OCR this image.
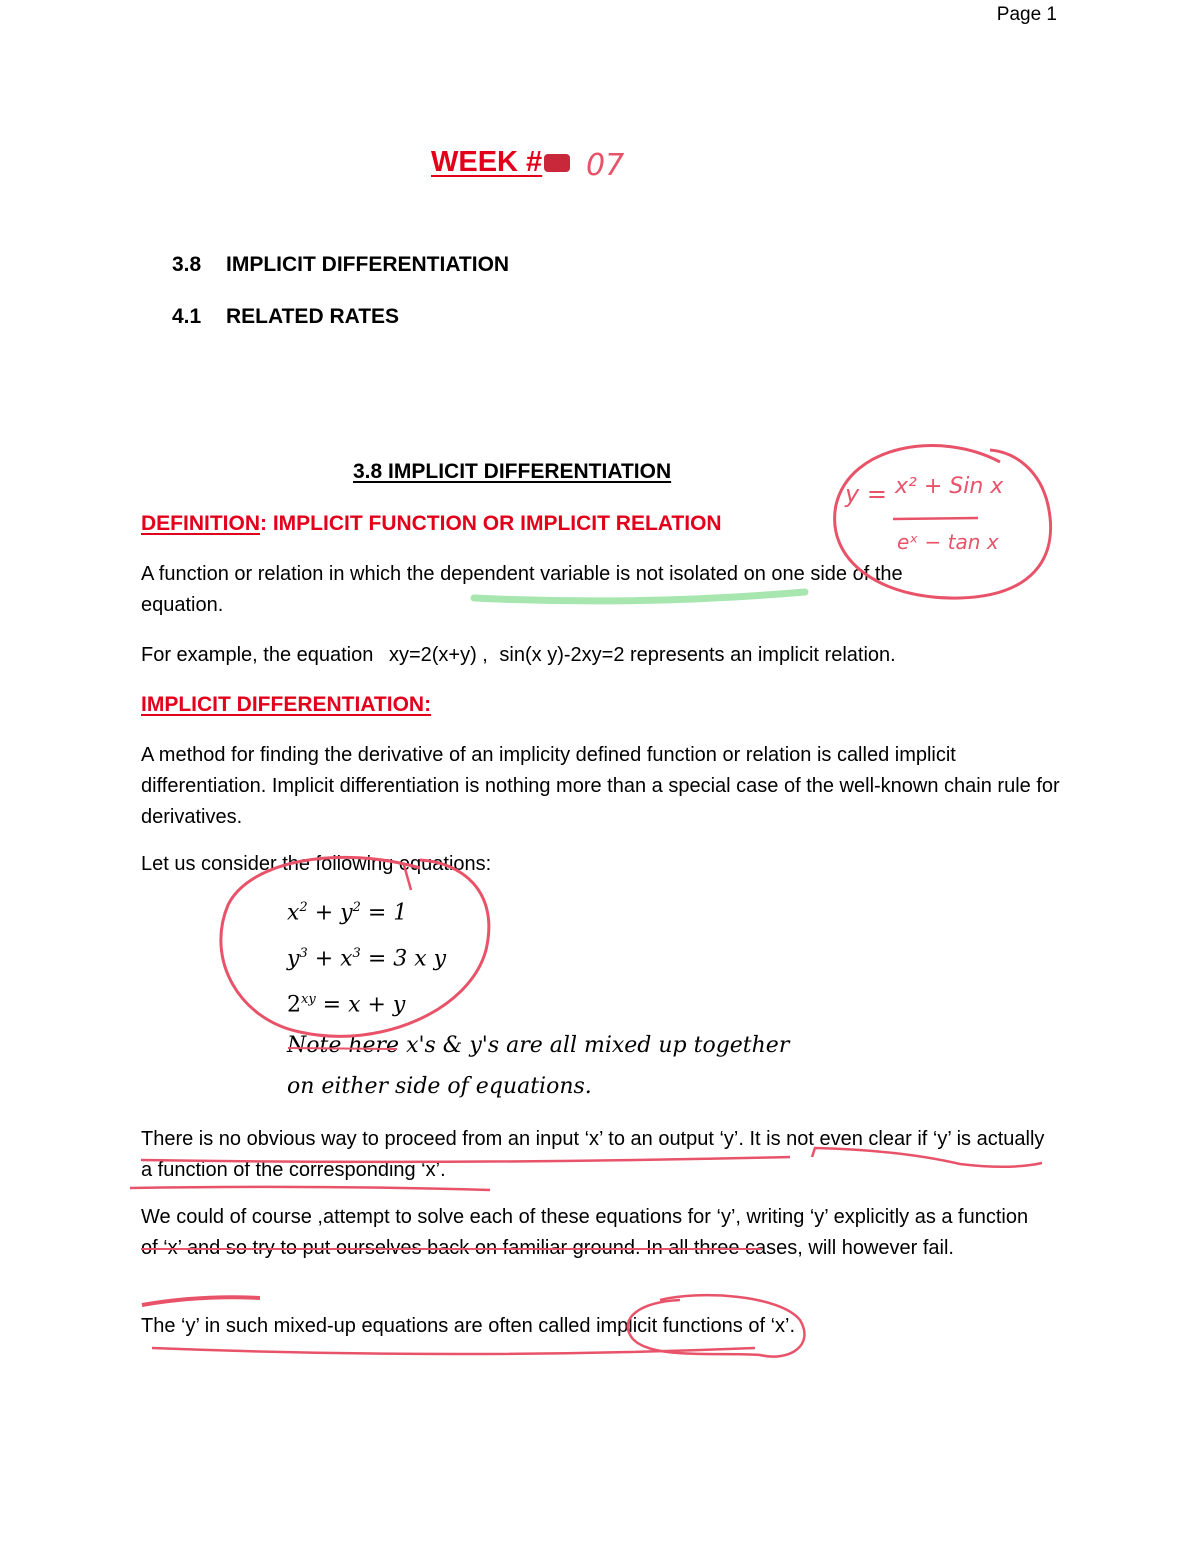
Page 1
WEEK #	07
3.8 IMPLICIT DIFFERENTIATION
4.1 RELATED RATES
3.8 IMPLICIT DIFFERENTIATION
DEFINITION: IMPLICIT FUNCTION OR IMPLICIT RELATION
A function or relation in which the dependent variable is not isolated on one side of the equation.
For example, the equation xy=2(x+y) , sin(x y)-2xy=2 represents an implicit relation.
IMPLICIT DIFFERENTIATION:
A method for finding the derivative of an implicity defined function or relation is called implicit differentiation. Implicit differentiation is nothing more than a special case of the well-known chain rule for derivatives.
Let us consider the following equations:
$x^2 + y^2 = 1$
$y^3 + x^3 = 3$ x y
$2^{xy} = x + y$
Note here x's & y's are all mixed up together
on either side of equations.
There is no obvious way to proceed from an input ‘x’ to an output ‘y’. It is not even clear if ‘y’ is actually a function of the corresponding ‘x’.
We could of course ,attempt to solve each of these equations for ‘y’, writing ‘y’ explicitly as a function of ‘x’ and so try to put ourselves back on familiar ground. In all three cases, will however fail.
The ‘y’ in such mixed-up equations are often called implicit functions of ‘x’.
y = x² + Sin x
eˣ − tan x
